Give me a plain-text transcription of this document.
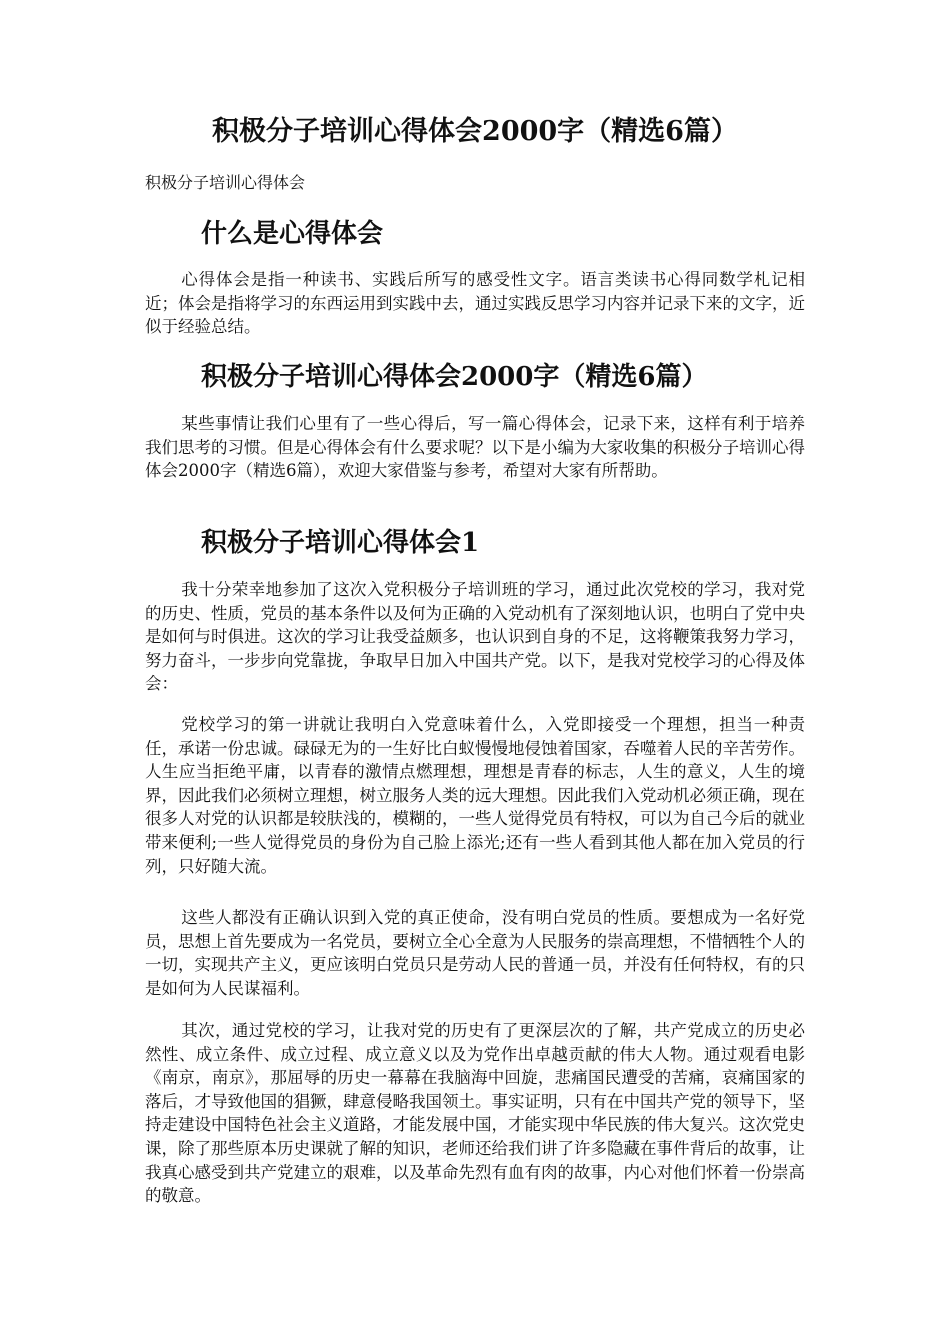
积极分子培训心得体会2000字（精选6篇）

积极分子培训心得体会

什么是心得体会

心得体会是指一种读书、实践后所写的感受性文字。语言类读书心得同数学札记相近；体会是指将学习的东西运用到实践中去，通过实践反思学习内容并记录下来的文字，近似于经验总结。

积极分子培训心得体会2000字（精选6篇）

某些事情让我们心里有了一些心得后，写一篇心得体会，记录下来，这样有利于培养我们思考的习惯。但是心得体会有什么要求呢？以下是小编为大家收集的积极分子培训心得体会2000字（精选6篇），欢迎大家借鉴与参考，希望对大家有所帮助。

积极分子培训心得体会1

我十分荣幸地参加了这次入党积极分子培训班的学习，通过此次党校的学习，我对党的历史、性质，党员的基本条件以及何为正确的入党动机有了深刻地认识，也明白了党中央是如何与时俱进。这次的学习让我受益颇多，也认识到自身的不足，这将鞭策我努力学习，努力奋斗，一步步向党靠拢，争取早日加入中国共产党。以下，是我对党校学习的心得及体会：

党校学习的第一讲就让我明白入党意味着什么，入党即接受一个理想，担当一种责任，承诺一份忠诚。碌碌无为的一生好比白蚁慢慢地侵蚀着国家，吞噬着人民的辛苦劳作。人生应当拒绝平庸，以青春的激情点燃理想，理想是青春的标志，人生的意义，人生的境界，因此我们必须树立理想，树立服务人类的远大理想。因此我们入党动机必须正确，现在很多人对党的认识都是较肤浅的，模糊的，一些人觉得党员有特权，可以为自己今后的就业带来便利;一些人觉得党员的身份为自己脸上添光;还有一些人看到其他人都在加入党员的行列，只好随大流。

这些人都没有正确认识到入党的真正使命，没有明白党员的性质。要想成为一名好党员，思想上首先要成为一名党员，要树立全心全意为人民服务的崇高理想，不惜牺牲个人的一切，实现共产主义，更应该明白党员只是劳动人民的普通一员，并没有任何特权，有的只是如何为人民谋福利。

其次，通过党校的学习，让我对党的历史有了更深层次的了解，共产党成立的历史必然性、成立条件、成立过程、成立意义以及为党作出卓越贡献的伟大人物。通过观看电影《南京，南京》，那屈辱的历史一幕幕在我脑海中回旋，悲痛国民遭受的苦痛，哀痛国家的落后，才导致他国的猖獗，肆意侵略我国领土。事实证明，只有在中国共产党的领导下，坚持走建设中国特色社会主义道路，才能发展中国，才能实现中华民族的伟大复兴。这次党史课，除了那些原本历史课就了解的知识，老师还给我们讲了许多隐藏在事件背后的故事，让我真心感受到共产党建立的艰难，以及革命先烈有血有肉的故事，内心对他们怀着一份崇高的敬意。
